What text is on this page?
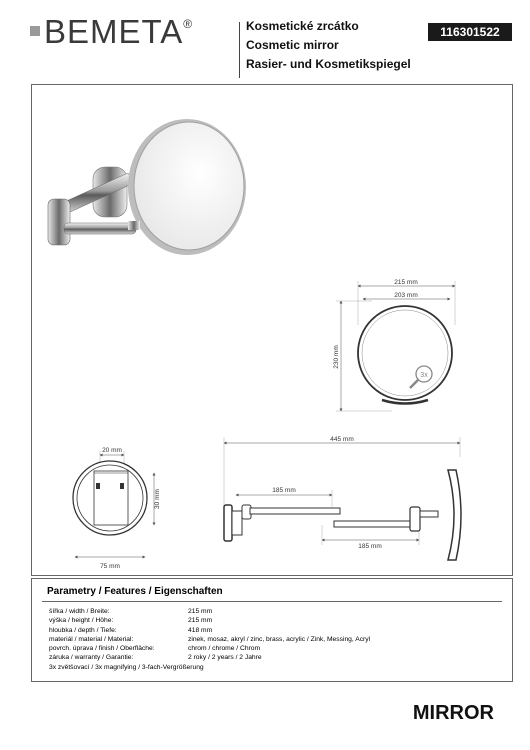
BEMETA®	Kosmetické zrcátko
Cosmetic mirror
Rasier- und Kosmetikspiegel
116301522
215 mm
203 mm
230 mm
3x
445 mm
185 mm
185 mm
20 mm
30 mm
75 mm
Parametry / Features / Eigenschaften
šířka / width / Breite:	215 mm
výška / height / Höhe:	215 mm
hloubka / depth / Tiefe:	418 mm
materiál / material / Material:	zinek, mosaz, akryl / zinc, brass, acrylic / Zink, Messing, Acryl
povrch. úprava / finish / Oberfläche:	chrom / chrome / Chrom
záruka / warranty / Garantie:	2 roky / 2 years / 2 Jahre
3x zvětšovací / 3x magnifying / 3-fach-Vergrößerung
MIRROR
